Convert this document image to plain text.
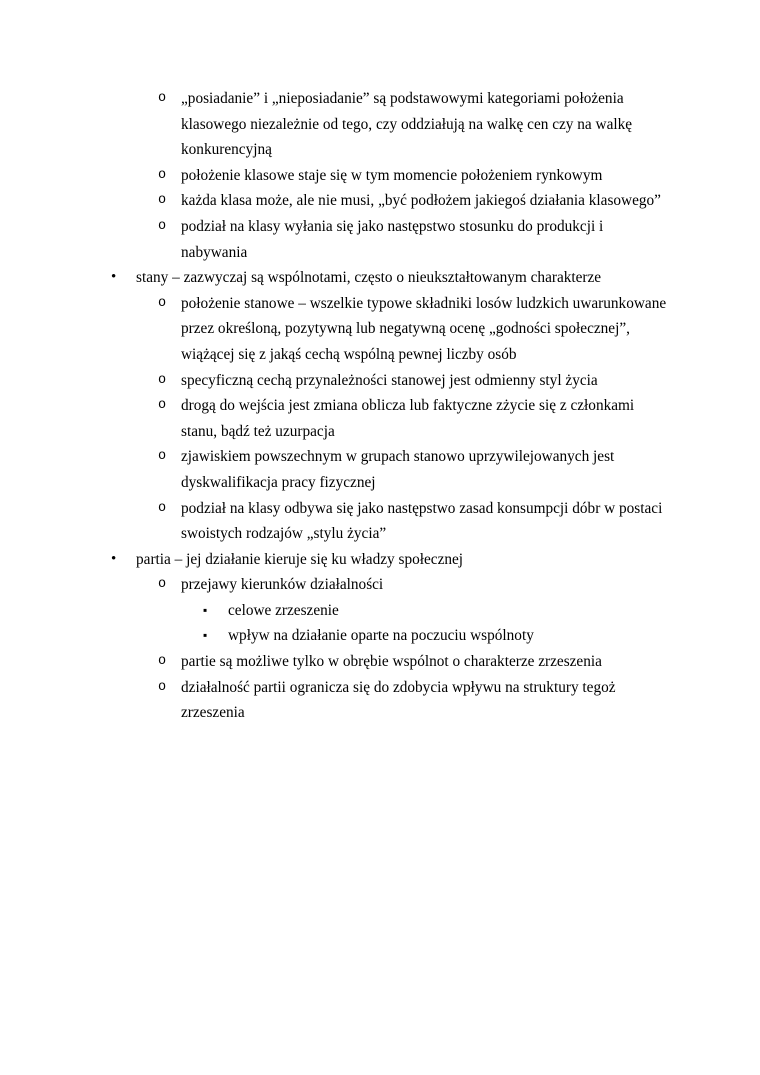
o „posiadanie” i „nieposiadanie” są podstawowymi kategoriami położenia klasowego niezależnie od tego, czy oddziałują na walkę cen czy na walkę konkurencyjną
o położenie klasowe staje się w tym momencie położeniem rynkowym
o każda klasa może, ale nie musi, „być podłożem jakiegoś działania klasowego”
o podział na klasy wyłania się jako następstwo stosunku do produkcji i nabywania
• stany – zazwyczaj są wspólnotami, często o nieukształtowanym charakterze
o położenie stanowe – wszelkie typowe składniki losów ludzkich uwarunkowane przez określoną, pozytywną lub negatywną ocenę „godności społecznej”, wiążącej się z jakąś cechą wspólną pewnej liczby osób
o specyficzną cechą przynależności stanowej jest odmienny styl życia
o drogą do wejścia jest zmiana oblicza lub faktyczne zżycie się z członkami stanu, bądź też uzurpacja
o zjawiskiem powszechnym w grupach stanowo uprzywilejowanych jest dyskwalifikacja pracy fizycznej
o podział na klasy odbywa się jako następstwo zasad konsumpcji dóbr w postaci swoistych rodzajów „stylu życia”
• partia – jej działanie kieruje się ku władzy społecznej
o przejawy kierunków działalności
▪ celowe zrzeszenie
▪ wpływ na działanie oparte na poczuciu wspólnoty
o partie są możliwe tylko w obrębie wspólnot o charakterze zrzeszenia
o działalność partii ogranicza się do zdobycia wpływu na struktury tegoż zrzeszenia
